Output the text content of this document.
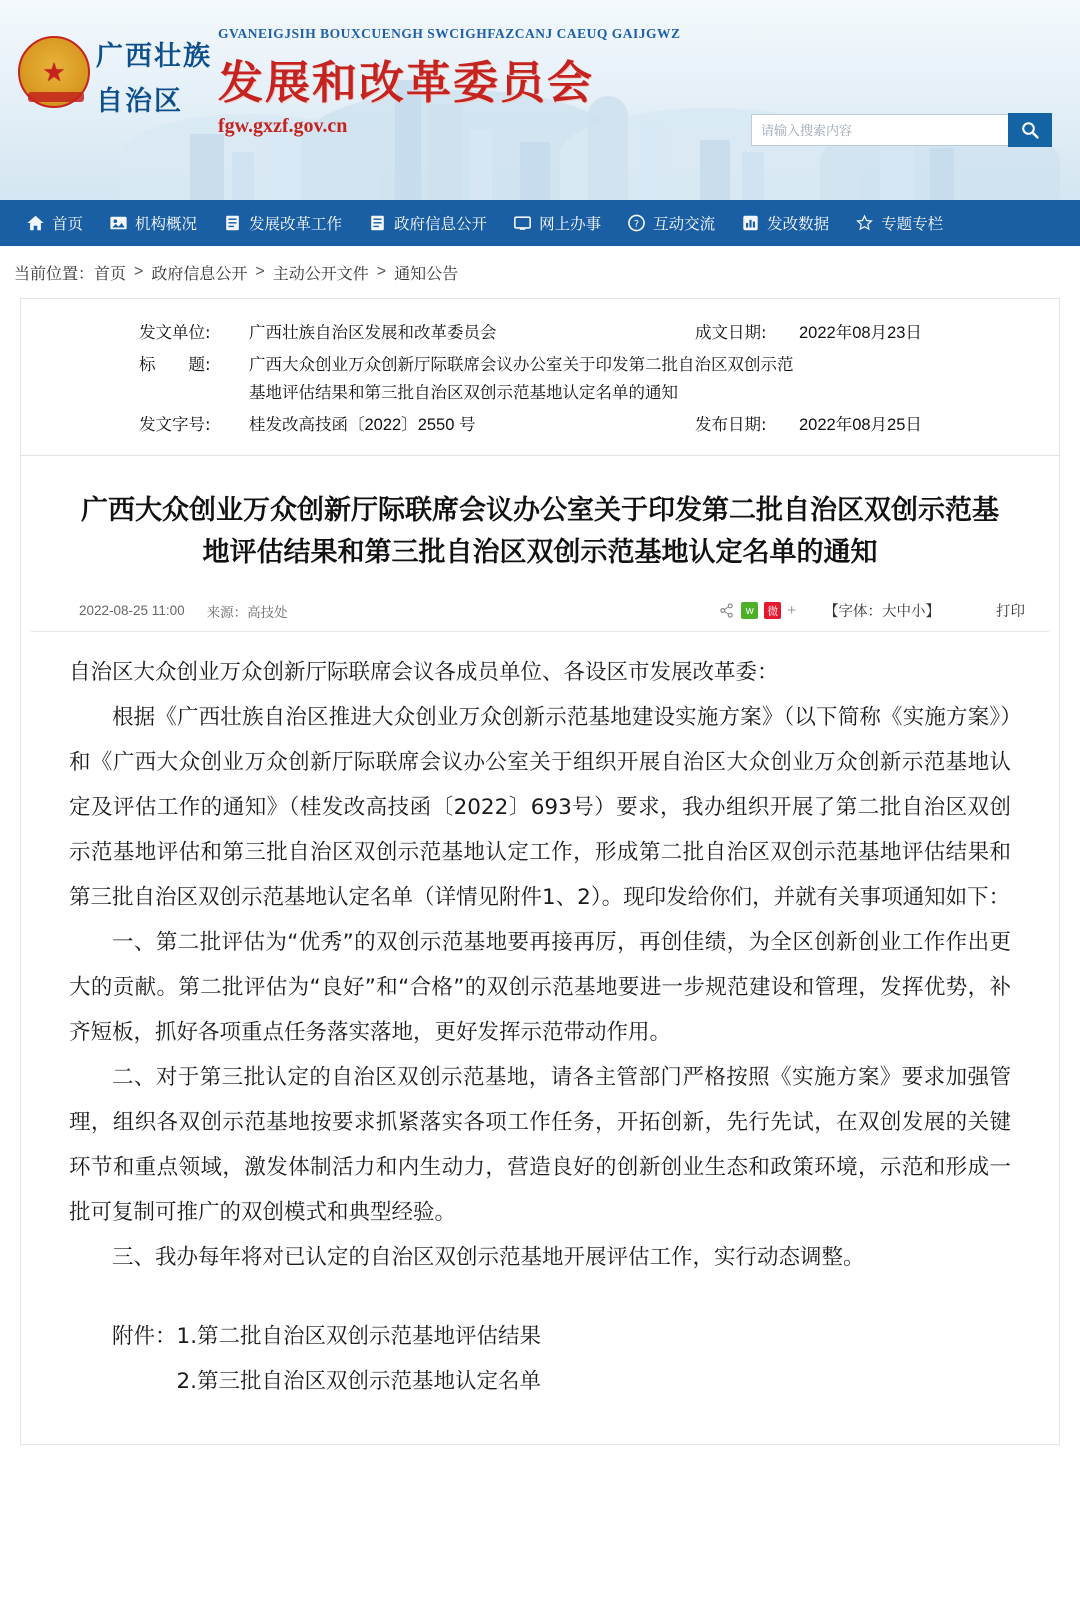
★ 广西壮族
自治区
GVANEIGJSIH BOUXCUENGH SWCIGHFAZCANJ CAEUQ GAIJGWZ
发展和改革委员会
fgw.gxzf.gov.cn
请输入搜索内容
首页	机构概况	发展改革工作	政府信息公开	网上办事	? 互动交流	发改数据	专题专栏
当前位置： 首页 > 政府信息公开 > 主动公开文件 > 通知公告
发文单位:	广西壮族自治区发展和改革委员会	成文日期:	2022年08月23日
标　　题:	广西大众创业万众创新厅际联席会议办公室关于印发第二批自治区双创示范基地评估结果和第三批自治区双创示范基地认定名单的通知
发文字号:	桂发改高技函〔2022〕2550 号	发布日期:	2022年08月25日
广西大众创业万众创新厅际联席会议办公室关于印发第二批自治区双创示范基地评估结果和第三批自治区双创示范基地认定名单的通知
2022-08-25 11:00 来源：高技处	w	微 + 【字体：大中小】	打印

自治区大众创业万众创新厅际联席会议各成员单位、各设区市发展改革委：

根据《广西壮族自治区推进大众创业万众创新示范基地建设实施方案》（以下简称《实施方案》）和《广西大众创业万众创新厅际联席会议办公室关于组织开展自治区大众创业万众创新示范基地认定及评估工作的通知》（桂发改高技函〔2022〕693号）要求，我办组织开展了第二批自治区双创示范基地评估和第三批自治区双创示范基地认定工作，形成第二批自治区双创示范基地评估结果和第三批自治区双创示范基地认定名单（详情见附件1、2）。现印发给你们，并就有关事项通知如下：

一、第二批评估为“优秀”的双创示范基地要再接再厉，再创佳绩，为全区创新创业工作作出更大的贡献。第二批评估为“良好”和“合格”的双创示范基地要进一步规范建设和管理，发挥优势，补齐短板，抓好各项重点任务落实落地，更好发挥示范带动作用。

二、对于第三批认定的自治区双创示范基地，请各主管部门严格按照《实施方案》要求加强管理，组织各双创示范基地按要求抓紧落实各项工作任务，开拓创新，先行先试，在双创发展的关键环节和重点领域，激发体制活力和内生动力，营造良好的创新创业生态和政策环境，示范和形成一批可复制可推广的双创模式和典型经验。

三、我办每年将对已认定的自治区双创示范基地开展评估工作，实行动态调整。

附件：1.第二批自治区双创示范基地评估结果

2.第三批自治区双创示范基地认定名单
